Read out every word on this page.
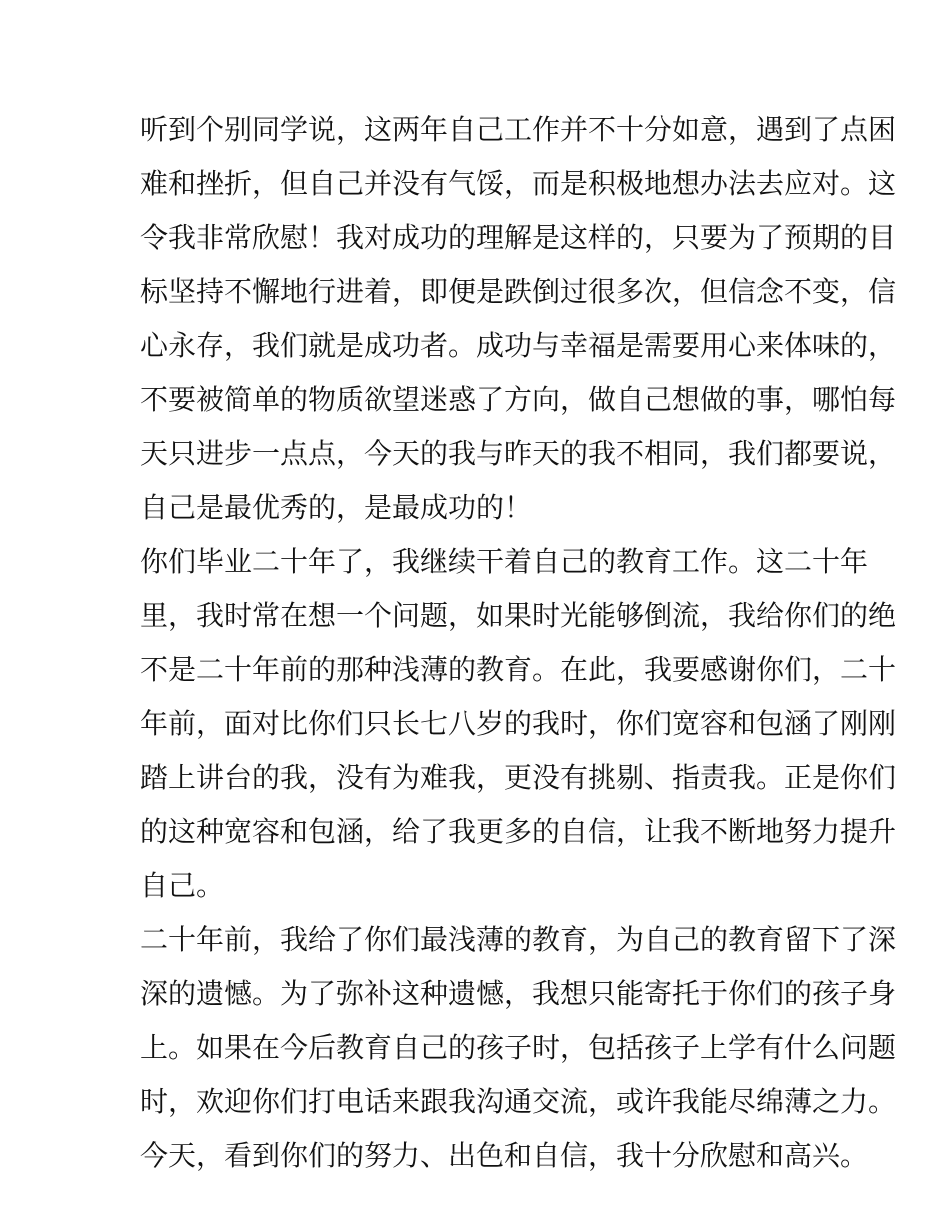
听到个别同学说，这两年自己工作并不十分如意，遇到了点困
难和挫折，但自己并没有气馁，而是积极地想办法去应对。这
令我非常欣慰！我对成功的理解是这样的，只要为了预期的目
标坚持不懈地行进着，即便是跌倒过很多次，但信念不变，信
心永存，我们就是成功者。成功与幸福是需要用心来体味的，
不要被简单的物质欲望迷惑了方向，做自己想做的事，哪怕每
天只进步一点点，今天的我与昨天的我不相同，我们都要说，
自己是最优秀的，是最成功的！
你们毕业二十年了，我继续干着自己的教育工作。这二十年
里，我时常在想一个问题，如果时光能够倒流，我给你们的绝
不是二十年前的那种浅薄的教育。在此，我要感谢你们，二十
年前，面对比你们只长七八岁的我时，你们宽容和包涵了刚刚
踏上讲台的我，没有为难我，更没有挑剔、指责我。正是你们
的这种宽容和包涵，给了我更多的自信，让我不断地努力提升
自己。
二十年前，我给了你们最浅薄的教育，为自己的教育留下了深
深的遗憾。为了弥补这种遗憾，我想只能寄托于你们的孩子身
上。如果在今后教育自己的孩子时，包括孩子上学有什么问题
时，欢迎你们打电话来跟我沟通交流，或许我能尽绵薄之力。
今天，看到你们的努力、出色和自信，我十分欣慰和高兴。
